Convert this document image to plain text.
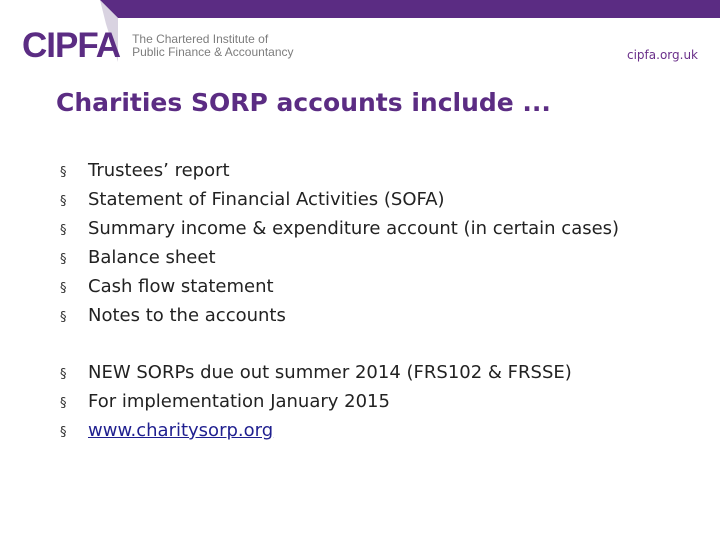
CIPFA The Chartered Institute of
Public Finance & Accountancy	cipfa.org.uk
Charities SORP accounts include ...
§	Trustees’ report
§	Statement of Financial Activities (SOFA)
§	Summary income & expenditure account (in certain cases)
§	Balance sheet
§	Cash flow statement
§	Notes to the accounts
§	NEW SORPs due out summer 2014 (FRS102 & FRSSE)
§	For implementation January 2015
§	www.charitysorp.org
